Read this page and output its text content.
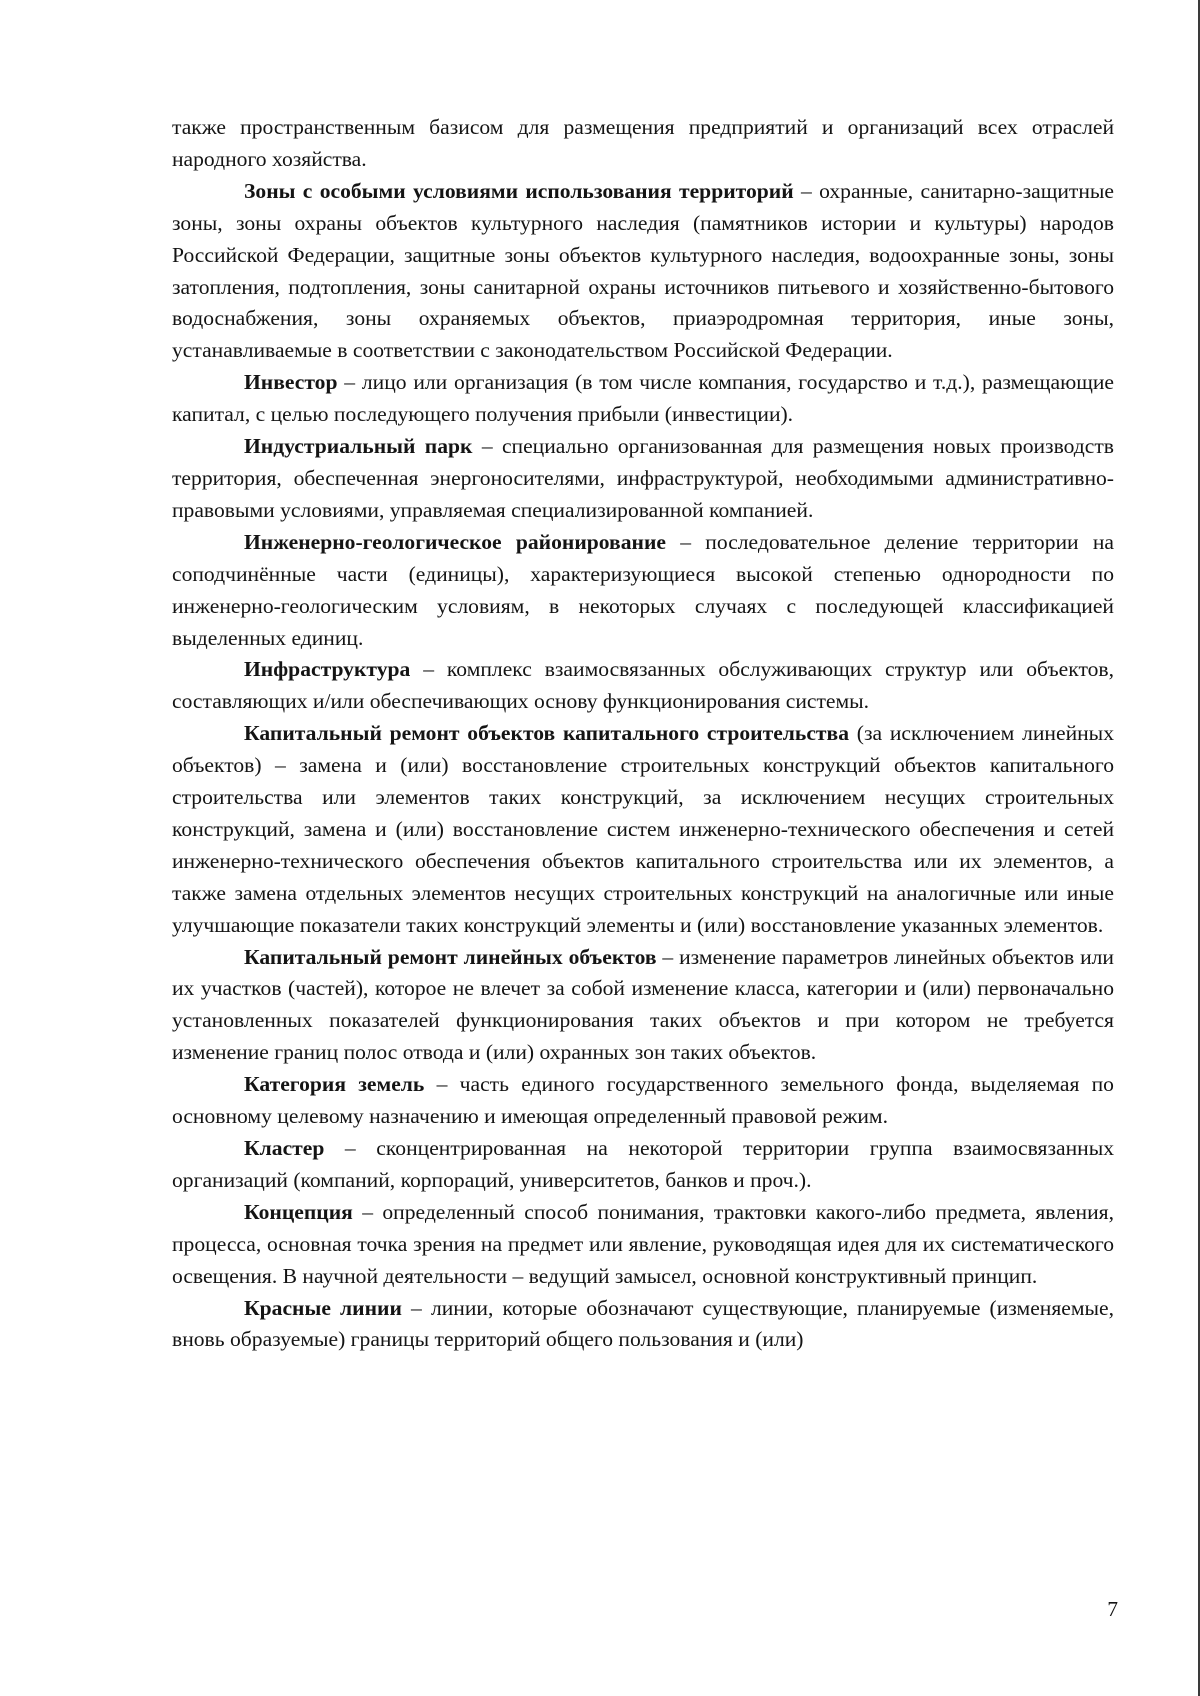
также пространственным базисом для размещения предприятий и организаций всех отраслей народного хозяйства.

Зоны с особыми условиями использования территорий – охранные, санитарно-защитные зоны, зоны охраны объектов культурного наследия (памятников истории и культуры) народов Российской Федерации, защитные зоны объектов культурного наследия, водоохранные зоны, зоны затопления, подтопления, зоны санитарной охраны источников питьевого и хозяйственно-бытового водоснабжения, зоны охраняемых объектов, приаэродромная территория, иные зоны, устанавливаемые в соответствии с законодательством Российской Федерации.

Инвестор – лицо или организация (в том числе компания, государство и т.д.), размещающие капитал, с целью последующего получения прибыли (инвестиции).

Индустриальный парк – специально организованная для размещения новых производств территория, обеспеченная энергоносителями, инфраструктурой, необходимыми административно-правовыми условиями, управляемая специализированной компанией.

Инженерно-геологическое районирование – последовательное деление территории на соподчинённые части (единицы), характеризующиеся высокой степенью однородности по инженерно-геологическим условиям, в некоторых случаях с последующей классификацией выделенных единиц.

Инфраструктура – комплекс взаимосвязанных обслуживающих структур или объектов, составляющих и/или обеспечивающих основу функционирования системы.

Капитальный ремонт объектов капитального строительства (за исключением линейных объектов) – замена и (или) восстановление строительных конструкций объектов капитального строительства или элементов таких конструкций, за исключением несущих строительных конструкций, замена и (или) восстановление систем инженерно-технического обеспечения и сетей инженерно-технического обеспечения объектов капитального строительства или их элементов, а также замена отдельных элементов несущих строительных конструкций на аналогичные или иные улучшающие показатели таких конструкций элементы и (или) восстановление указанных элементов.

Капитальный ремонт линейных объектов – изменение параметров линейных объектов или их участков (частей), которое не влечет за собой изменение класса, категории и (или) первоначально установленных показателей функционирования таких объектов и при котором не требуется изменение границ полос отвода и (или) охранных зон таких объектов.

Категория земель – часть единого государственного земельного фонда, выделяемая по основному целевому назначению и имеющая определенный правовой режим.

Кластер – сконцентрированная на некоторой территории группа взаимосвязанных организаций (компаний, корпораций, университетов, банков и проч.).

Концепция – определенный способ понимания, трактовки какого-либо предмета, явления, процесса, основная точка зрения на предмет или явление, руководящая идея для их систематического освещения. В научной деятельности – ведущий замысел, основной конструктивный принцип.

Красные линии – линии, которые обозначают существующие, планируемые (изменяемые, вновь образуемые) границы территорий общего пользования и (или)

7
